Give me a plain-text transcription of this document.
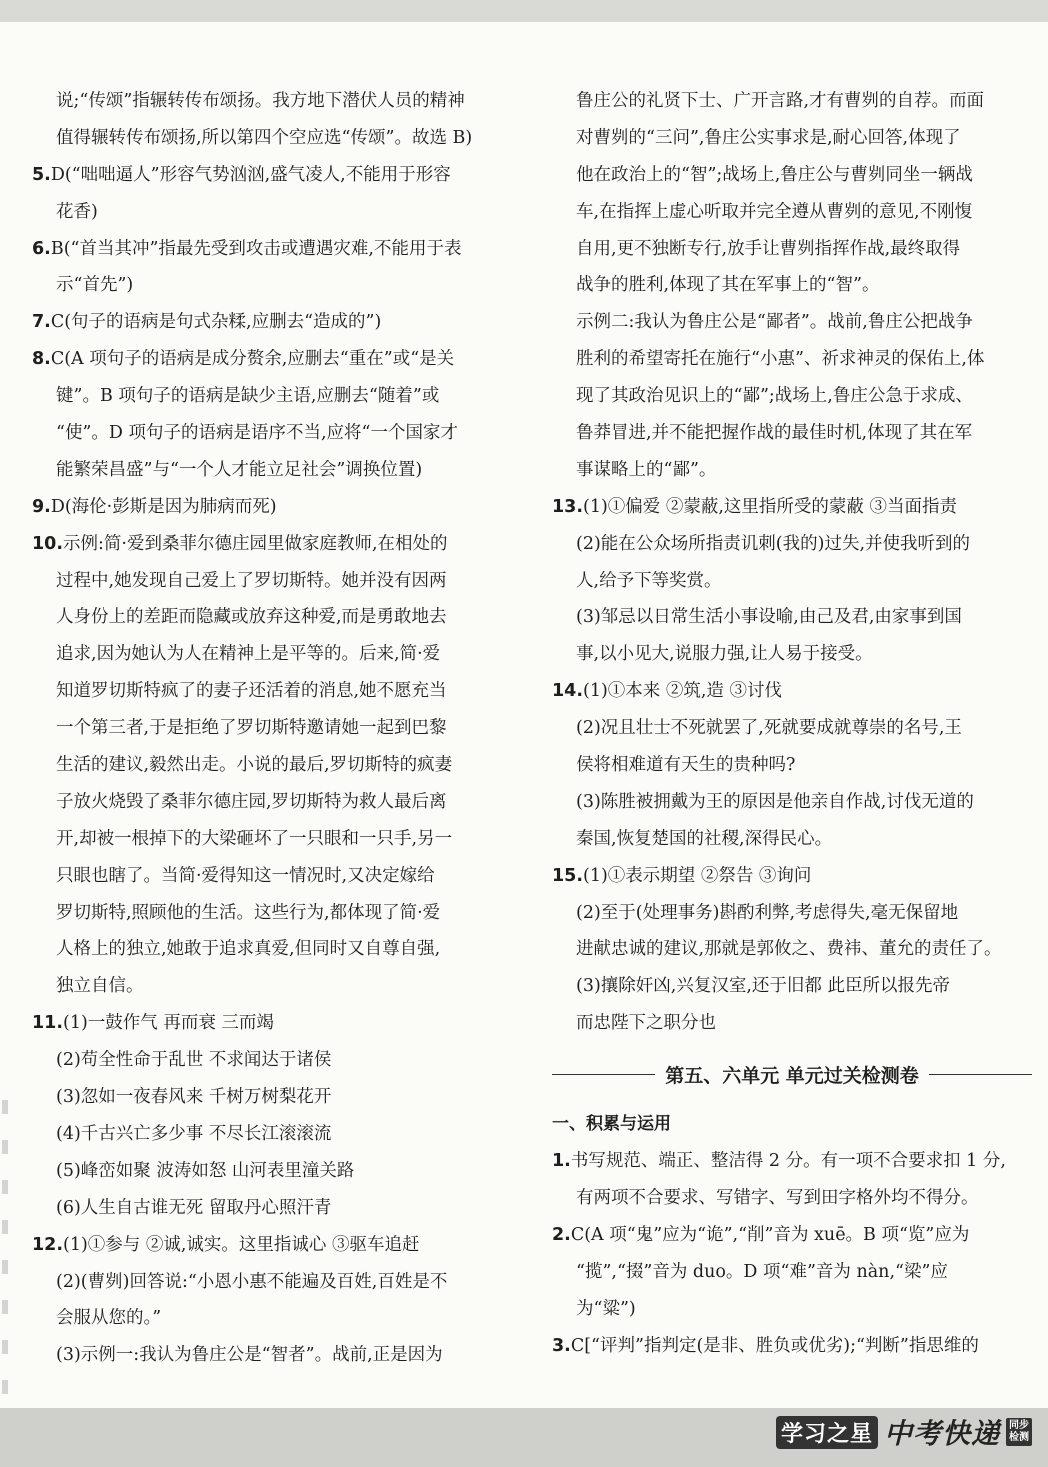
说;“传颂”指辗转传布颂扬。我方地下潜伏人员的精神
值得辗转传布颂扬,所以第四个空应选“传颂”。故选 B)
5.D(“咄咄逼人”形容气势汹汹,盛气凌人,不能用于形容
花香)
6.B(“首当其冲”指最先受到攻击或遭遇灾难,不能用于表
示“首先”)
7.C(句子的语病是句式杂糅,应删去“造成的”)
8.C(A 项句子的语病是成分赘余,应删去“重在”或“是关
键”。B 项句子的语病是缺少主语,应删去“随着”或
“使”。D 项句子的语病是语序不当,应将“一个国家才
能繁荣昌盛”与“一个人才能立足社会”调换位置)
9.D(海伦·彭斯是因为肺病而死)
10.示例:简·爱到桑菲尔德庄园里做家庭教师,在相处的
过程中,她发现自己爱上了罗切斯特。她并没有因两
人身份上的差距而隐藏或放弃这种爱,而是勇敢地去
追求,因为她认为人在精神上是平等的。后来,简·爱
知道罗切斯特疯了的妻子还活着的消息,她不愿充当
一个第三者,于是拒绝了罗切斯特邀请她一起到巴黎
生活的建议,毅然出走。小说的最后,罗切斯特的疯妻
子放火烧毁了桑菲尔德庄园,罗切斯特为救人最后离
开,却被一根掉下的大梁砸坏了一只眼和一只手,另一
只眼也瞎了。当简·爱得知这一情况时,又决定嫁给
罗切斯特,照顾他的生活。这些行为,都体现了简·爱
人格上的独立,她敢于追求真爱,但同时又自尊自强,
独立自信。
11.(1)一鼓作气 再而衰 三而竭
(2)苟全性命于乱世 不求闻达于诸侯
(3)忽如一夜春风来 千树万树梨花开
(4)千古兴亡多少事 不尽长江滚滚流
(5)峰峦如聚 波涛如怒 山河表里潼关路
(6)人生自古谁无死 留取丹心照汗青
12.(1)①参与 ②诚,诚实。这里指诚心 ③驱车追赶
(2)(曹刿)回答说:“小恩小惠不能遍及百姓,百姓是不
会服从您的。”
(3)示例一:我认为鲁庄公是“智者”。战前,正是因为
鲁庄公的礼贤下士、广开言路,才有曹刿的自荐。而面
对曹刿的“三问”,鲁庄公实事求是,耐心回答,体现了
他在政治上的“智”;战场上,鲁庄公与曹刿同坐一辆战
车,在指挥上虚心听取并完全遵从曹刿的意见,不刚愎
自用,更不独断专行,放手让曹刿指挥作战,最终取得
战争的胜利,体现了其在军事上的“智”。
示例二:我认为鲁庄公是“鄙者”。战前,鲁庄公把战争
胜利的希望寄托在施行“小惠”、祈求神灵的保佑上,体
现了其政治见识上的“鄙”;战场上,鲁庄公急于求成、
鲁莽冒进,并不能把握作战的最佳时机,体现了其在军
事谋略上的“鄙”。
13.(1)①偏爱 ②蒙蔽,这里指所受的蒙蔽 ③当面指责
(2)能在公众场所指责讥刺(我的)过失,并使我听到的
人,给予下等奖赏。
(3)邹忌以日常生活小事设喻,由己及君,由家事到国
事,以小见大,说服力强,让人易于接受。
14.(1)①本来 ②筑,造 ③讨伐
(2)况且壮士不死就罢了,死就要成就尊崇的名号,王
侯将相难道有天生的贵种吗?
(3)陈胜被拥戴为王的原因是他亲自作战,讨伐无道的
秦国,恢复楚国的社稷,深得民心。
15.(1)①表示期望 ②祭告 ③询问
(2)至于(处理事务)斟酌利弊,考虑得失,毫无保留地
进献忠诚的建议,那就是郭攸之、费祎、董允的责任了。
(3)攘除奸凶,兴复汉室,还于旧都 此臣所以报先帝
而忠陛下之职分也
第五、六单元 单元过关检测卷
一、积累与运用
1.书写规范、端正、整洁得 2 分。有一项不合要求扣 1 分,
有两项不合要求、写错字、写到田字格外均不得分。
2.C(A 项“鬼”应为“诡”,“削”音为 xuē。B 项“览”应为
“揽”,“掇”音为 duo。D 项“难”音为 nàn,“梁”应
为“粱”)
3.C[“评判”指判定(是非、胜负或优劣);“判断”指思维的
学习之星 中考快递 同步检测
